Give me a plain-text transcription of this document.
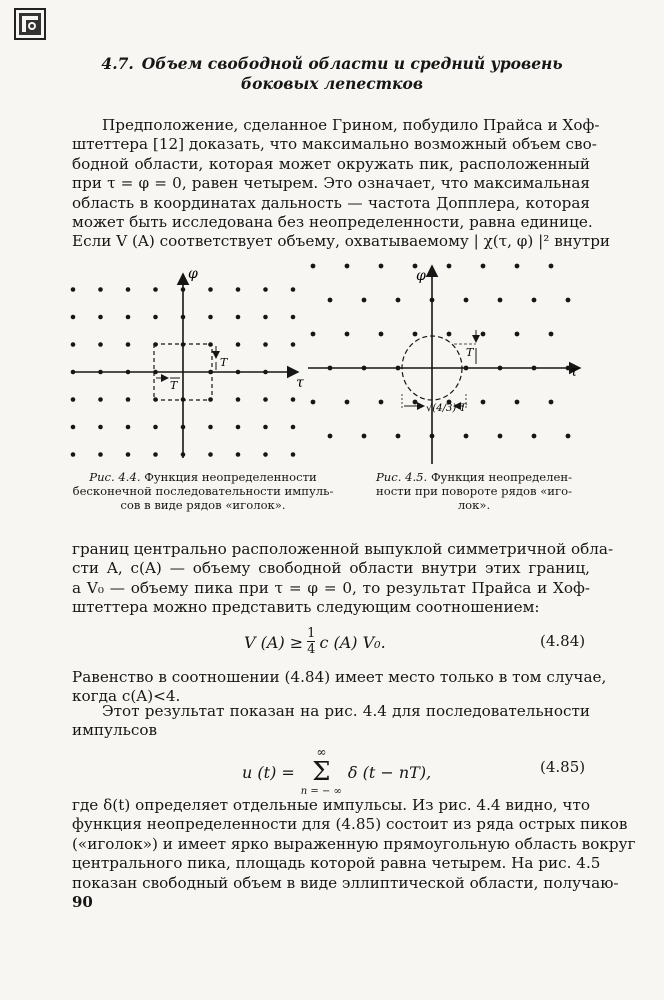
4.7. Объем свободной области и средний уровень
боковых лепестков
Предположение, сделанное Грином, побудило Прайса и Хоф-
штеттера [12] доказать, что максимально возможный объем сво-
бодной области, которая может окружать пик, расположенный
при τ = φ = 0, равен четырем. Это означает, что максимальная
область в координатах дальность — частота Допплера, которая
может быть исследована без неопределенности, равна единице.
Если V (A) соответствует объему, охватываемому | χ(τ, φ) |² внутри
φ
τ
T
T
Рис. 4.4. Функция неопределенности
бесконечной последовательности импуль-
сов в виде рядов «иголок».
φ
τ
T
√(4/3) T
Рис. 4.5. Функция неопределен-
ности при повороте рядов «иго-
лок».
границ центрально расположенной выпуклой симметричной обла-
сти A, c(A) — объему свободной области внутри этих границ,
а V₀ — объему пика при τ = φ = 0, то результат Прайса и Хоф-
штеттера можно представить следующим соотношением:
V $(A) \ge \frac{1}{4}$ c (A) V₀.	(4.84)
Равенство в соотношении (4.84) имеет место только в том случае,
когда c(A)<4.
Этот результат показан на рис. 4.4 для последовательности
импульсов
u (t) =
∞
Σ
n = − ∞
δ (t − nT),	(4.85)
где δ(t) определяет отдельные импульсы. Из рис. 4.4 видно, что
функция неопределенности для (4.85) состоит из ряда острых пиков
(«иголок») и имеет ярко выраженную прямоугольную область вокруг
центрального пика, площадь которой равна четырем. На рис. 4.5
показан свободный объем в виде эллиптической области, получаю-
90
